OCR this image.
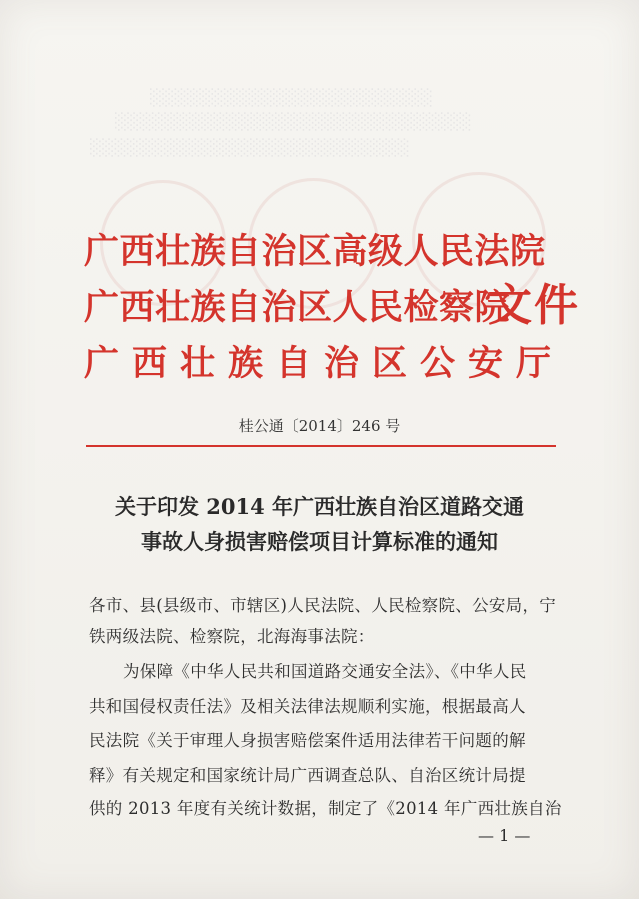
░░░░░░░░░░░░░░░░░░░░░░░
░░░░░░░░░░░░░░░░░░░░░░░░░░░░░
░░░░░░░░░░░░░░░░░░░░░░░░░░
广西壮族自治区高级人民法院
广西壮族自治区人民检察院
广西壮族自治区公安厅
文件
桂公通〔2014〕246 号
关于印发 2014 年广西壮族自治区道路交通
事故人身损害赔偿项目计算标准的通知
各市、县(县级市、市辖区)人民法院、人民检察院、公安局，宁
铁两级法院、检察院，北海海事法院：
为保障《中华人民共和国道路交通安全法》、《中华人民
共和国侵权责任法》及相关法律法规顺利实施，根据最高人
民法院《关于审理人身损害赔偿案件适用法律若干问题的解
释》有关规定和国家统计局广西调查总队、自治区统计局提
供的 2013 年度有关统计数据，制定了《2014 年广西壮族自治
— 1 —
